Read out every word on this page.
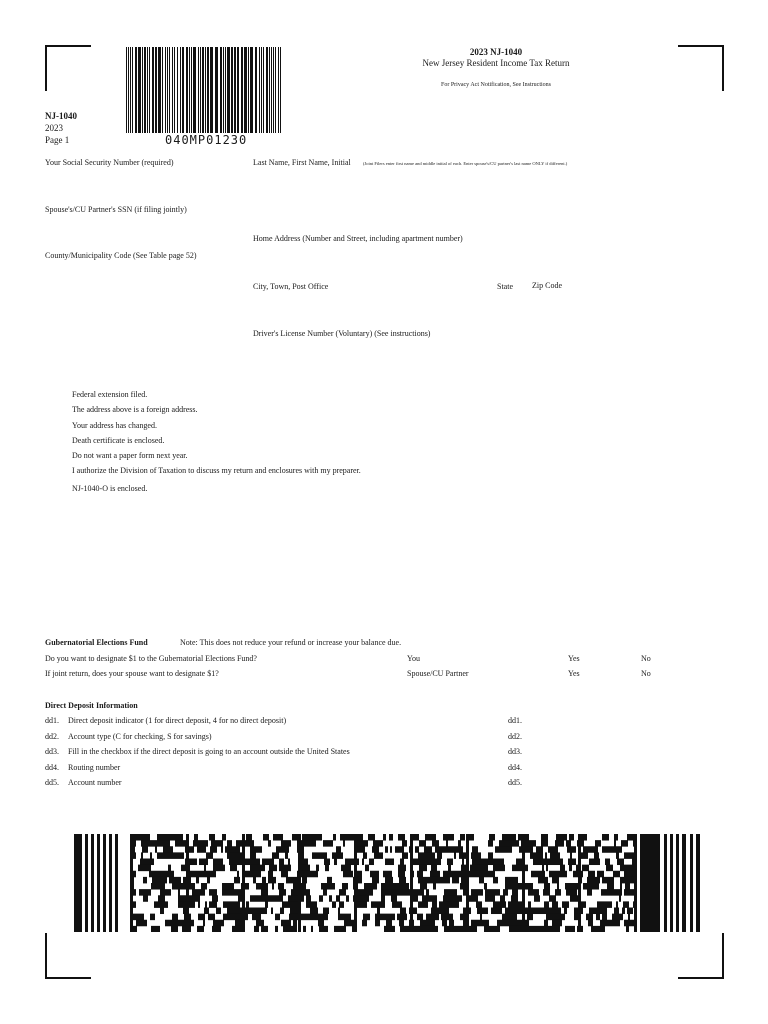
040MP01230
2023 NJ-1040
New Jersey Resident Income Tax Return
For Privacy Act Notification, See Instructions
NJ-1040
2023
Page 1
Your Social Security Number (required)	Last Name, First Name, Initial	(Joint Filers enter first name and middle initial of each. Enter spouse's/CU partner's last name ONLY if different.)
Spouse's/CU Partner's SSN (if filing jointly)
Home Address (Number and Street, including apartment number)
County/Municipality Code (See Table page 52)
City, Town, Post Office	State Zip Code
Driver's License Number (Voluntary) (See instructions)
Federal extension filed.
The address above is a foreign address.
Your address has changed.
Death certificate is enclosed.
Do not want a paper form next year.
I authorize the Division of Taxation to discuss my return and enclosures with my preparer.
NJ-1040-O is enclosed.
Gubernatorial Elections Fund	Note: This does not reduce your refund or increase your balance due.
Do you want to designate $1 to the Gubernatorial Elections Fund?	You	Yes	No
If joint return, does your spouse want to designate $1?	Spouse/CU Partner	Yes	No
Direct Deposit Information
dd1. Direct deposit indicator (1 for direct deposit, 4 for no direct deposit)	dd1.
dd2. Account type (C for checking, S for savings)	dd2.
dd3. Fill in the checkbox if the direct deposit is going to an account outside the United States	dd3.
dd4. Routing number	dd4.
dd5. Account number	dd5.
